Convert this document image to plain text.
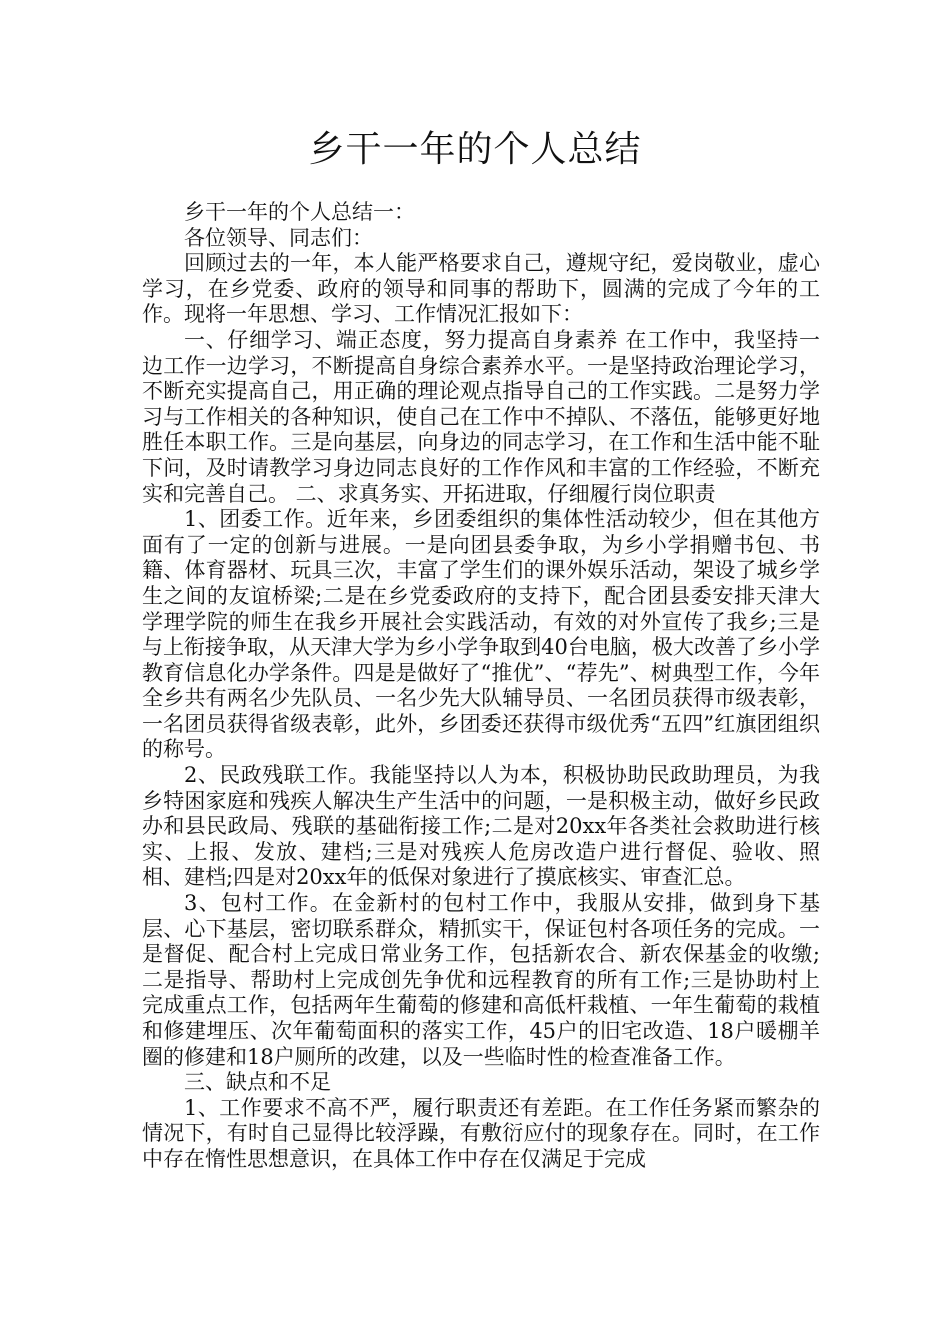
乡干一年的个人总结

乡干一年的个人总结一：

各位领导、同志们：

回顾过去的一年，本人能严格要求自己，遵规守纪，爱岗敬业，虚心学习，在乡党委、政府的领导和同事的帮助下，圆满的完成了今年的工作。现将一年思想、学习、工作情况汇报如下：

一、仔细学习、端正态度，努力提高自身素养 在工作中，我坚持一边工作一边学习，不断提高自身综合素养水平。一是坚持政治理论学习，不断充实提高自己，用正确的理论观点指导自己的工作实践。二是努力学习与工作相关的各种知识，使自己在工作中不掉队、不落伍，能够更好地胜任本职工作。三是向基层，向身边的同志学习，在工作和生活中能不耻下问，及时请教学习身边同志良好的工作作风和丰富的工作经验，不断充实和完善自己。 二、求真务实、开拓进取，仔细履行岗位职责

1、团委工作。近年来，乡团委组织的集体性活动较少，但在其他方面有了一定的创新与进展。一是向团县委争取，为乡小学捐赠书包、书籍、体育器材、玩具三次，丰富了学生们的课外娱乐活动，架设了城乡学生之间的友谊桥梁;二是在乡党委政府的支持下，配合团县委安排天津大学理学院的师生在我乡开展社会实践活动，有效的对外宣传了我乡;三是与上衔接争取，从天津大学为乡小学争取到40台电脑，极大改善了乡小学教育信息化办学条件。四是是做好了“推优”、“荐先”、树典型工作，今年全乡共有两名少先队员、一名少先大队辅导员、一名团员获得市级表彰，一名团员获得省级表彰，此外，乡团委还获得市级优秀“五四”红旗团组织的称号。

2、民政残联工作。我能坚持以人为本，积极协助民政助理员，为我乡特困家庭和残疾人解决生产生活中的问题，一是积极主动，做好乡民政办和县民政局、残联的基础衔接工作;二是对20xx年各类社会救助进行核实、上报、发放、建档;三是对残疾人危房改造户进行督促、验收、照相、建档;四是对20xx年的低保对象进行了摸底核实、审查汇总。

3、包村工作。在金新村的包村工作中，我服从安排，做到身下基层、心下基层，密切联系群众，精抓实干，保证包村各项任务的完成。一是督促、配合村上完成日常业务工作，包括新农合、新农保基金的收缴;二是指导、帮助村上完成创先争优和远程教育的所有工作;三是协助村上完成重点工作，包括两年生葡萄的修建和高低杆栽植、一年生葡萄的栽植和修建埋压、次年葡萄面积的落实工作，45户的旧宅改造、18户暖棚羊圈的修建和18户厕所的改建，以及一些临时性的检查准备工作。

三、缺点和不足

1、工作要求不高不严，履行职责还有差距。在工作任务紧而繁杂的情况下，有时自己显得比较浮躁，有敷衍应付的现象存在。同时，在工作中存在惰性思想意识，在具体工作中存在仅满足于完成
